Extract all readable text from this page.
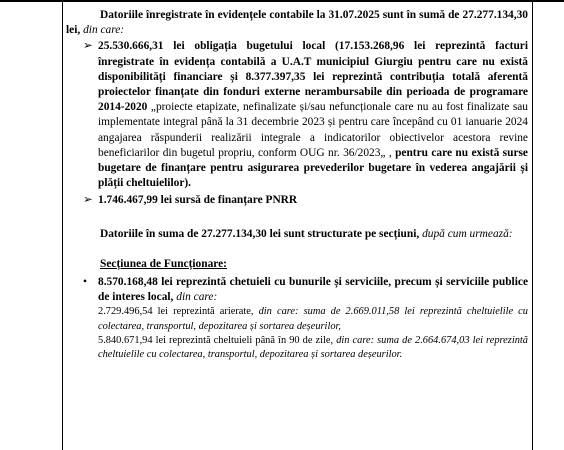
Datoriile înregistrate în evidențele contabile la 31.07.2025 sunt în sumă de 27.277.134,30 lei, din care:

➢ 25.530.666,31 lei obligația bugetului local (17.153.268,96 lei reprezintă facturi înregistrate în evidența contabilă a U.A.T municipiul Giurgiu pentru care nu există disponibilități financiare și 8.377.397,35 lei reprezintă contribuția totală aferentă proiectelor finanțate din fonduri externe nerambursabile din perioada de programare 2014-2020 „proiecte etapizate, nefinalizate și/sau nefuncționale care nu au fost finalizate sau implementate integral până la 31 decembrie 2023 și pentru care începând cu 01 ianuarie 2024 angajarea răspunderii realizării integrale a indicatorilor obiectivelor acestora revine beneficiarilor din bugetul propriu, conform OUG nr. 36/2023„ , pentru care nu există surse bugetare de finanțare pentru asigurarea prevederilor bugetare în vederea angajării și plății cheltuielilor).
➢ 1.746.467,99 lei sursă de finanțare PNRR

Datoriile în suma de 27.277.134,30 lei sunt structurate pe secțiuni, după cum urmează:

Secțiunea de Funcționare:

• 8.570.168,48 lei reprezintă chetuieli cu bunurile și serviciile, precum și serviciile publice de interes local, din care:
2.729.496,54 lei reprezintă arierate, din care: suma de 2.669.011,58 lei reprezintă cheltuielile cu colectarea, transportul, depozitarea și sortarea deșeurilor,
5.840.671,94 lei reprezintă cheltuieli până în 90 de zile, din care: suma de 2.664.674,03 lei reprezintă cheltuielile cu colectarea, transportul, depozitarea și sortarea deșeurilor.
